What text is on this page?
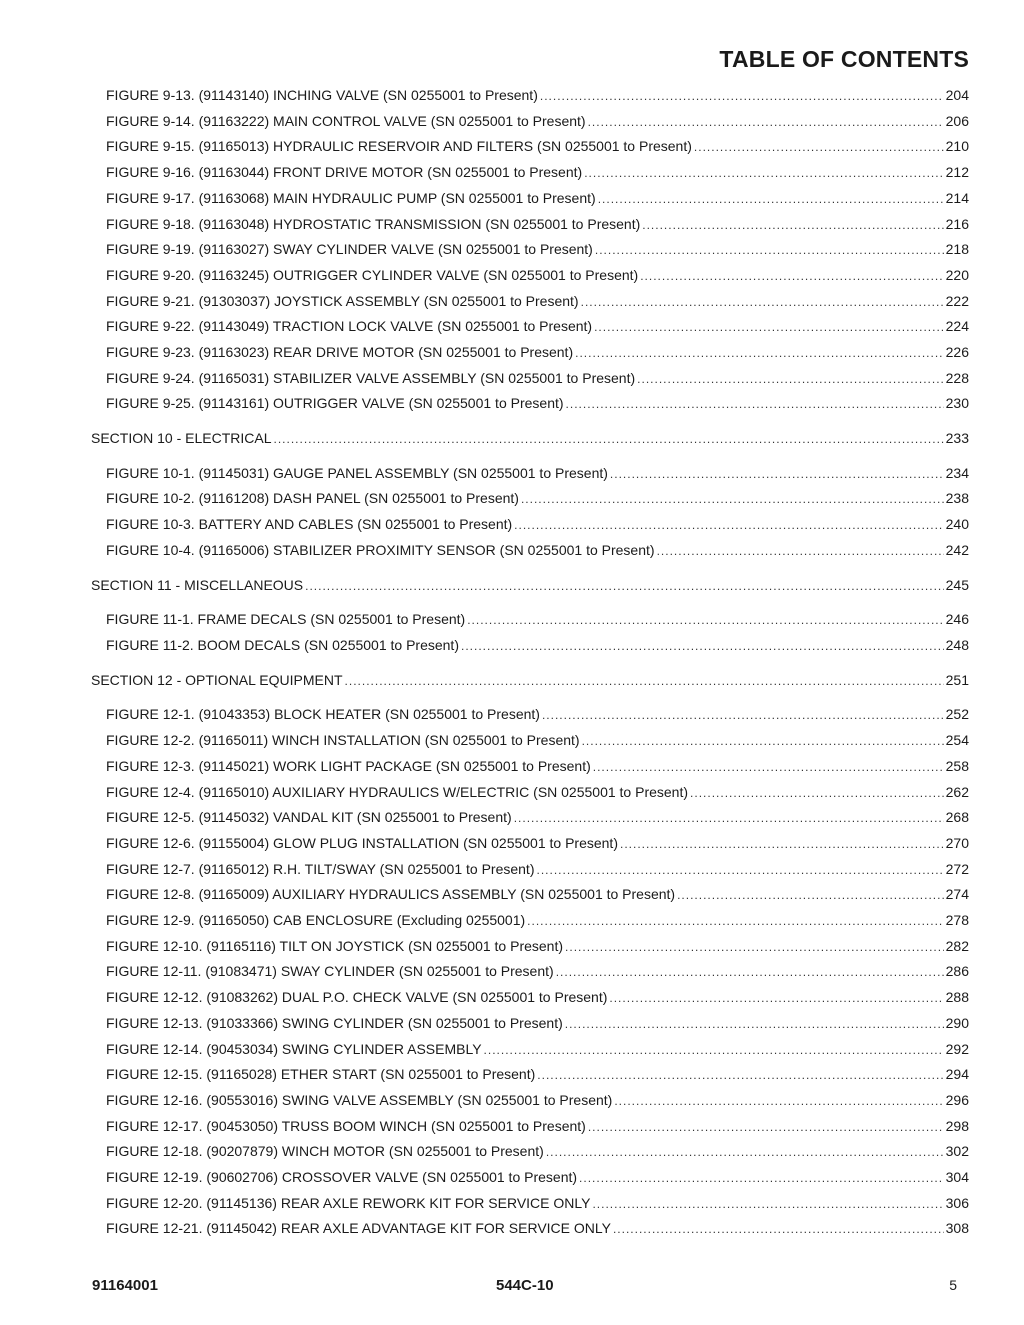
TABLE OF CONTENTS
FIGURE 9-13. (91143140) INCHING VALVE (SN 0255001 to Present) .....	204
FIGURE 9-14. (91163222) MAIN CONTROL VALVE (SN 0255001 to Present) .....	206
FIGURE 9-15. (91165013) HYDRAULIC RESERVOIR AND FILTERS (SN 0255001 to Present) .....	210
FIGURE 9-16. (91163044) FRONT DRIVE MOTOR (SN 0255001 to Present) .....	212
FIGURE 9-17. (91163068) MAIN HYDRAULIC PUMP (SN 0255001 to Present) .....	214
FIGURE 9-18. (91163048) HYDROSTATIC TRANSMISSION (SN 0255001 to Present) .....	216
FIGURE 9-19. (91163027) SWAY CYLINDER VALVE (SN 0255001 to Present) .....	218
FIGURE 9-20. (91163245) OUTRIGGER CYLINDER VALVE (SN 0255001 to Present) .....	220
FIGURE 9-21. (91303037) JOYSTICK ASSEMBLY (SN 0255001 to Present) .....	222
FIGURE 9-22. (91143049) TRACTION LOCK VALVE (SN 0255001 to Present) .....	224
FIGURE 9-23. (91163023) REAR DRIVE MOTOR (SN 0255001 to Present) .....	226
FIGURE 9-24. (91165031) STABILIZER VALVE ASSEMBLY (SN 0255001 to Present) .....	228
FIGURE 9-25. (91143161) OUTRIGGER VALVE (SN 0255001 to Present) .....	230
SECTION 10 - ELECTRICAL .....	233
FIGURE 10-1. (91145031) GAUGE PANEL ASSEMBLY (SN 0255001 to Present) .....	234
FIGURE 10-2. (91161208) DASH PANEL (SN 0255001 to Present) .....	238
FIGURE 10-3. BATTERY AND CABLES (SN 0255001 to Present) .....	240
FIGURE 10-4. (91165006) STABILIZER PROXIMITY SENSOR (SN 0255001 to Present) .....	242
SECTION 11 - MISCELLANEOUS .....	245
FIGURE 11-1. FRAME DECALS (SN 0255001 to Present) .....	246
FIGURE 11-2. BOOM DECALS (SN 0255001 to Present) .....	248
SECTION 12 - OPTIONAL EQUIPMENT .....	251
FIGURE 12-1. (91043353) BLOCK HEATER (SN 0255001 to Present) .....	252
FIGURE 12-2. (91165011) WINCH INSTALLATION (SN 0255001 to Present) .....	254
FIGURE 12-3. (91145021) WORK LIGHT PACKAGE (SN 0255001 to Present) .....	258
FIGURE 12-4. (91165010) AUXILIARY HYDRAULICS W/ELECTRIC (SN 0255001 to Present) .....	262
FIGURE 12-5. (91145032) VANDAL KIT (SN 0255001 to Present) .....	268
FIGURE 12-6. (91155004) GLOW PLUG INSTALLATION (SN 0255001 to Present) .....	270
FIGURE 12-7. (91165012) R.H. TILT/SWAY (SN 0255001 to Present) .....	272
FIGURE 12-8. (91165009) AUXILIARY HYDRAULICS ASSEMBLY (SN 0255001 to Present) .....	274
FIGURE 12-9. (91165050) CAB ENCLOSURE (Excluding 0255001) .....	278
FIGURE 12-10. (91165116) TILT ON JOYSTICK (SN 0255001 to Present) .....	282
FIGURE 12-11. (91083471) SWAY CYLINDER (SN 0255001 to Present) .....	286
FIGURE 12-12. (91083262) DUAL P.O. CHECK VALVE (SN 0255001 to Present) .....	288
FIGURE 12-13. (91033366) SWING CYLINDER (SN 0255001 to Present) .....	290
FIGURE 12-14. (90453034) SWING CYLINDER ASSEMBLY .....	292
FIGURE 12-15. (91165028) ETHER START (SN 0255001 to Present) .....	294
FIGURE 12-16. (90553016) SWING VALVE ASSEMBLY (SN 0255001 to Present) .....	296
FIGURE 12-17. (90453050) TRUSS BOOM WINCH (SN 0255001 to Present) .....	298
FIGURE 12-18. (90207879) WINCH MOTOR (SN 0255001 to Present) .....	302
FIGURE 12-19. (90602706) CROSSOVER VALVE (SN 0255001 to Present) .....	304
FIGURE 12-20. (91145136) REAR AXLE REWORK KIT FOR SERVICE ONLY .....	306
FIGURE 12-21. (91145042) REAR AXLE ADVANTAGE KIT FOR SERVICE ONLY .....	308
91164001	544C-10	5
